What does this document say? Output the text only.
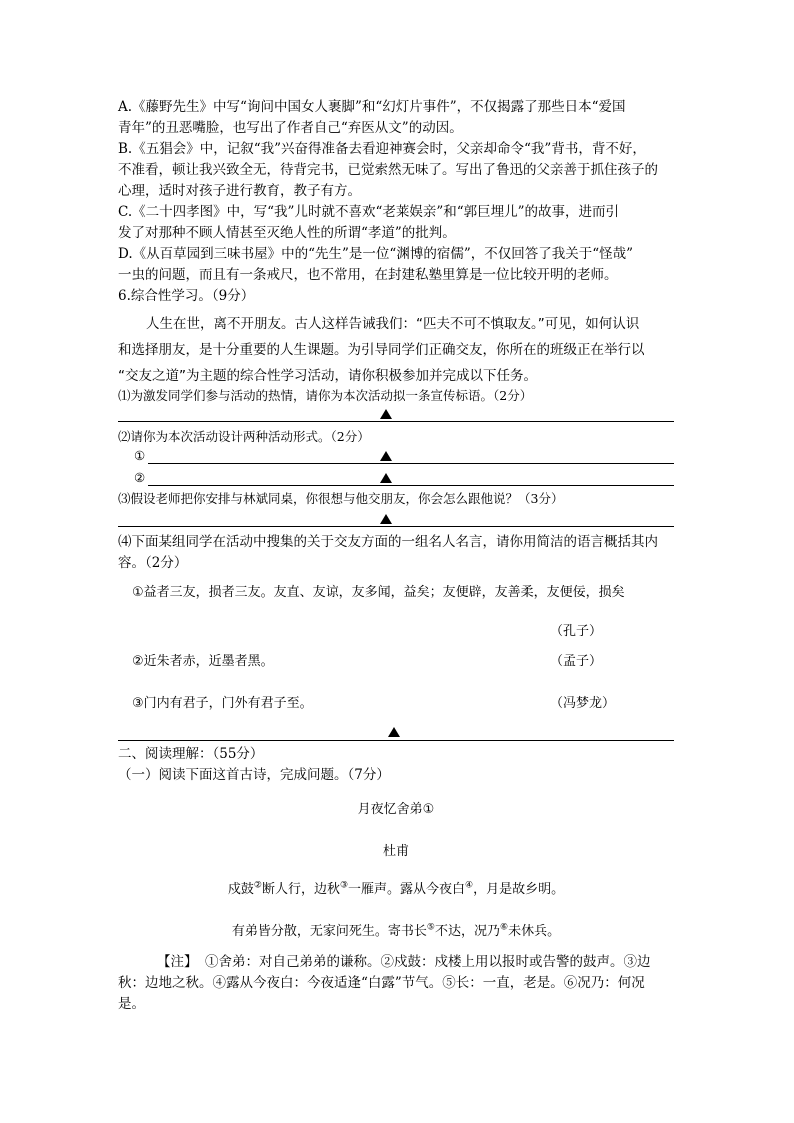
A.《藤野先生》中写“询问中国女人裹脚”和“幻灯片事件”，不仅揭露了那些日本“爱国
青年”的丑恶嘴脸，也写出了作者自己“弃医从文”的动因。
B.《五猖会》中，记叙“我”兴奋得准备去看迎神赛会时，父亲却命令“我”背书，背不好，
不准看，顿让我兴致全无，待背完书，已觉索然无味了。写出了鲁迅的父亲善于抓住孩子的
心理，适时对孩子进行教育，教子有方。
C.《二十四孝图》中，写“我”儿时就不喜欢“老莱娱亲”和“郭巨埋儿”的故事，进而引
发了对那种不顾人情甚至灭绝人性的所谓“孝道”的批判。
D.《从百草园到三味书屋》中的“先生”是一位“渊博的宿儒”，不仅回答了我关于“怪哉”
一虫的问题，而且有一条戒尺，也不常用，在封建私塾里算是一位比较开明的老师。
6.综合性学习。（9分）
人生在世，离不开朋友。古人这样告诫我们：“匹夫不可不慎取友。”可见，如何认识
和选择朋友，是十分重要的人生课题。为引导同学们正确交友，你所在的班级正在举行以
“交友之道”为主题的综合性学习活动，请你积极参加并完成以下任务。
⑴为激发同学们参与活动的热情，请你为本次活动拟一条宣传标语。（2分）
⑵请你为本次活动设计两种活动形式。（2分）
①
②
⑶假设老师把你安排与林斌同桌，你很想与他交朋友，你会怎么跟他说？（3分）
⑷下面某组同学在活动中搜集的关于交友方面的一组名人名言，请你用简洁的语言概括其内
容。（2分）
①益者三友，损者三友。友直、友谅，友多闻，益矣；友便辟，友善柔，友便佞，损矣
（孔子）
②近朱者赤，近墨者黑。	（孟子）
③门内有君子，门外有君子至。	（冯梦龙）
二、阅读理解：（55分）
（一）阅读下面这首古诗，完成问题。（7分）
月夜忆舍弟①
杜甫
戍鼓②断人行，边秋③一雁声。露从今夜白④，月是故乡明。
有弟皆分散，无家问死生。寄书长⑤不达，况乃⑥未休兵。
【注】 ①舍弟：对自己弟弟的谦称。②戍鼓：戍楼上用以报时或告警的鼓声。③边
秋：边地之秋。④露从今夜白：今夜适逢“白露”节气。⑤长：一直，老是。⑥况乃：何况
是。
